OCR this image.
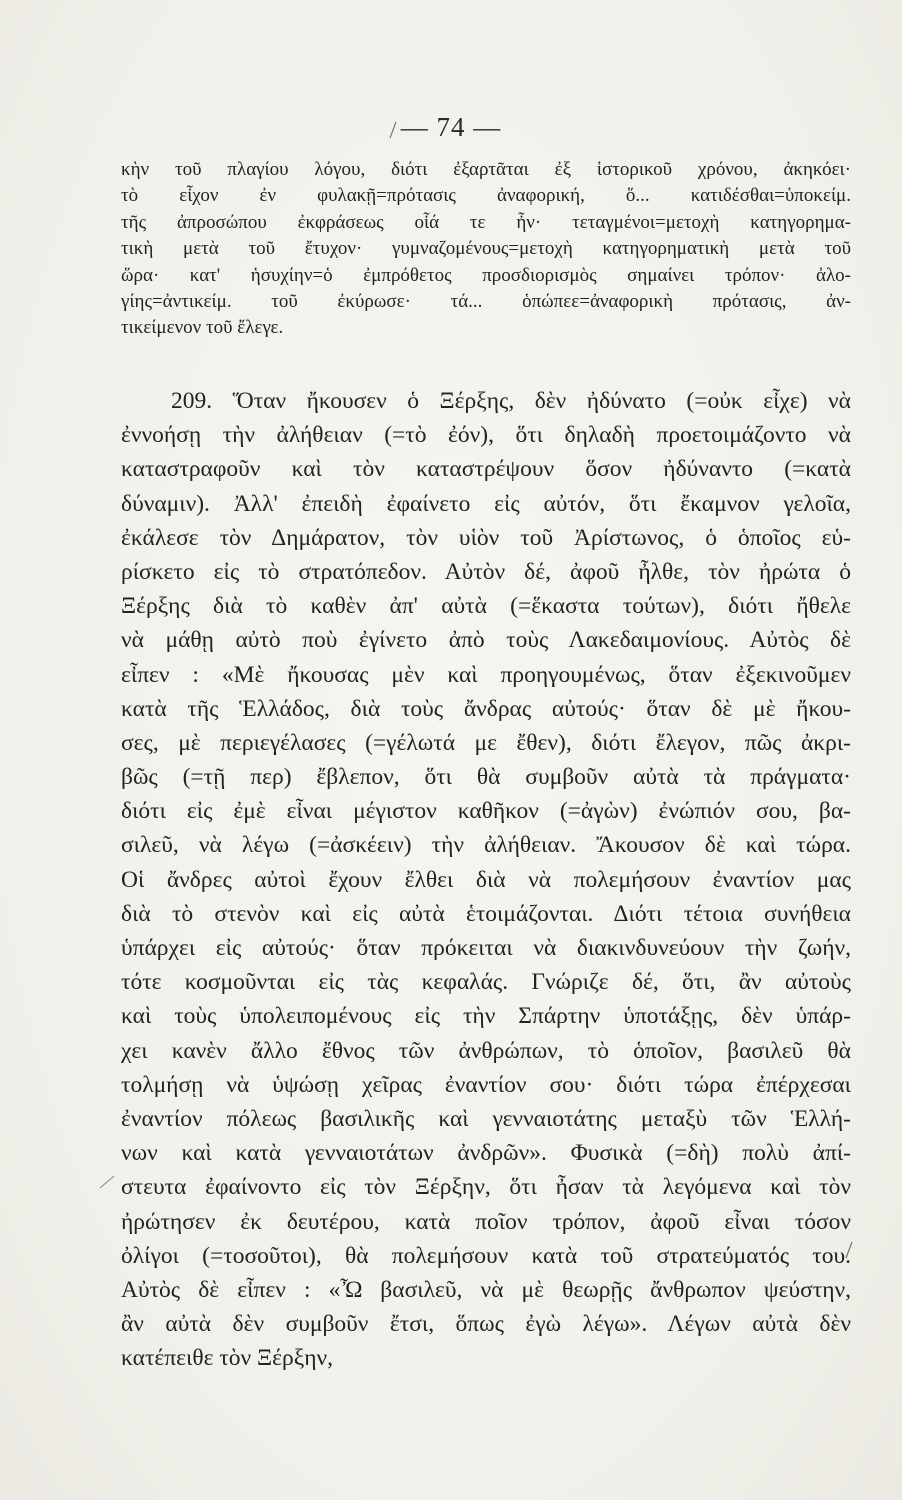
— 74 —
κὴν τοῦ πλαγίου λόγου, διότι ἐξαρτᾶται ἐξ ἱστορικοῦ χρόνου, ἀκηκόει·
τὸ εἶχον ἐν φυλακῇ=πρότασις ἀναφορική, ὅ... κατιδέσθαι=ὑποκείμ.
τῆς ἀπροσώπου ἐκφράσεως οἷά τε ἦν· τεταγμένοι=μετοχὴ κατηγορημα-
τικὴ μετὰ τοῦ ἔτυχον· γυμναζομένους=μετοχὴ κατηγορηματικὴ μετὰ τοῦ
ὥρα· κατ' ἡσυχίην=ὁ ἐμπρόθετος προσδιορισμὸς σημαίνει τρόπον· ἀλο-
γίης=ἀντικείμ. τοῦ ἐκύρωσε· τά... ὁπώπεε=ἀναφορικὴ πρότασις, ἀν-
τικείμενον τοῦ ἔλεγε.
209. Ὅταν ἤκουσεν ὁ Ξέρξης, δὲν ἠδύνατο (=οὐκ εἶχε) νὰ
ἐννοήσῃ τὴν ἀλήθειαν (=τὸ ἐόν), ὅτι δηλαδὴ προετοιμάζοντο νὰ
καταστραφοῦν καὶ τὸν καταστρέψουν ὅσον ἠδύναντο (=κατὰ
δύναμιν). Ἀλλ' ἐπειδὴ ἐφαίνετο εἰς αὐτόν, ὅτι ἔκαμνον γελοῖα,
ἐκάλεσε τὸν Δημάρατον, τὸν υἱὸν τοῦ Ἀρίστωνος, ὁ ὁποῖος εὑ-
ρίσκετο εἰς τὸ στρατόπεδον. Αὐτὸν δέ, ἀφοῦ ἦλθε, τὸν ἠρώτα ὁ
Ξέρξης διὰ τὸ καθὲν ἀπ' αὐτὰ (=ἕκαστα τούτων), διότι ἤθελε
νὰ μάθῃ αὐτὸ ποὺ ἐγίνετο ἀπὸ τοὺς Λακεδαιμονίους. Αὐτὸς δὲ
εἶπεν : «Μὲ ἤκουσας μὲν καὶ προηγουμένως, ὅταν ἐξεκινοῦμεν
κατὰ τῆς Ἑλλάδος, διὰ τοὺς ἄνδρας αὐτούς· ὅταν δὲ μὲ ἤκου-
σες, μὲ περιεγέλασες (=γέλωτά με ἔθεν), διότι ἔλεγον, πῶς ἀκρι-
βῶς (=τῇ περ) ἔβλεπον, ὅτι θὰ συμβοῦν αὐτὰ τὰ πράγματα·
διότι εἰς ἐμὲ εἶναι μέγιστον καθῆκον (=ἀγὼν) ἐνώπιόν σου, βα-
σιλεῦ, νὰ λέγω (=ἀσκέειν) τὴν ἀλήθειαν. Ἄκουσον δὲ καὶ τώρα.
Οἱ ἄνδρες αὐτοὶ ἔχουν ἔλθει διὰ νὰ πολεμήσουν ἐναντίον μας
διὰ τὸ στενὸν καὶ εἰς αὐτὰ ἑτοιμάζονται. Διότι τέτοια συνήθεια
ὑπάρχει εἰς αὐτούς· ὅταν πρόκειται νὰ διακινδυνεύουν τὴν ζωήν,
τότε κοσμοῦνται εἰς τὰς κεφαλάς. Γνώριζε δέ, ὅτι, ἂν αὐτοὺς
καὶ τοὺς ὑπολειπομένους εἰς τὴν Σπάρτην ὑποτάξῃς, δὲν ὑπάρ-
χει κανὲν ἄλλο ἔθνος τῶν ἀνθρώπων, τὸ ὁποῖον, βασιλεῦ θὰ
τολμήσῃ νὰ ὑψώσῃ χεῖρας ἐναντίον σου· διότι τώρα ἐπέρχεσαι
ἐναντίον πόλεως βασιλικῆς καὶ γενναιοτάτης μεταξὺ τῶν Ἑλλή-
νων καὶ κατὰ γενναιοτάτων ἀνδρῶν». Φυσικὰ (=δὴ) πολὺ ἀπί-
στευτα ἐφαίνοντο εἰς τὸν Ξέρξην, ὅτι ἦσαν τὰ λεγόμενα καὶ τὸν
ἠρώτησεν ἐκ δευτέρου, κατὰ ποῖον τρόπον, ἀφοῦ εἶναι τόσον
ὀλίγοι (=τοσοῦτοι), θὰ πολεμήσουν κατὰ τοῦ στρατεύματός του.
Αὐτὸς δὲ εἶπεν : «Ὦ βασιλεῦ, νὰ μὲ θεωρῇς ἄνθρωπον ψεύστην,
ἂν αὐτὰ δὲν συμβοῦν ἔτσι, ὅπως ἐγὼ λέγω». Λέγων αὐτὰ δὲν
κατέπειθε τὸν Ξέρξην,
